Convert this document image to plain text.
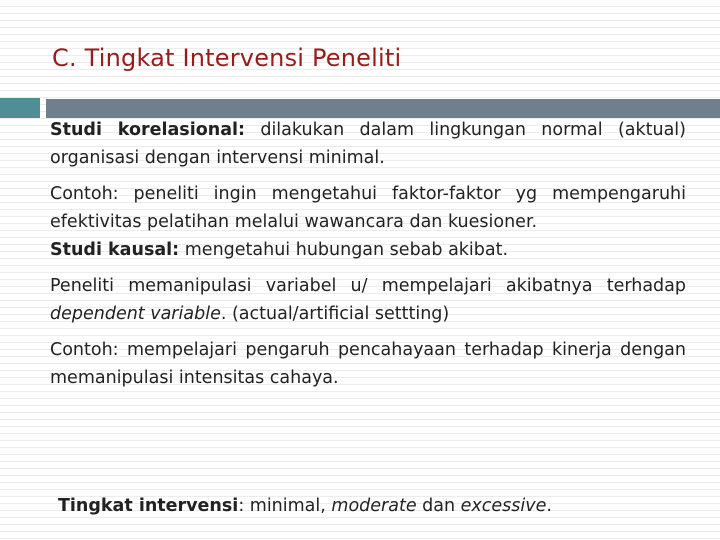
C. Tingkat Intervensi Peneliti

Studi korelasional: dilakukan dalam lingkungan normal (aktual) organisasi dengan intervensi minimal.

Contoh: peneliti ingin mengetahui faktor-faktor yg mempengaruhi efektivitas pelatihan melalui wawancara dan kuesioner.

Studi kausal: mengetahui hubungan sebab akibat.

Peneliti memanipulasi variabel u/ mempelajari akibatnya terhadap dependent variable. (actual/artificial settting)

Contoh: mempelajari pengaruh pencahayaan terhadap kinerja dengan memanipulasi intensitas cahaya.

Tingkat intervensi: minimal, moderate dan excessive.
